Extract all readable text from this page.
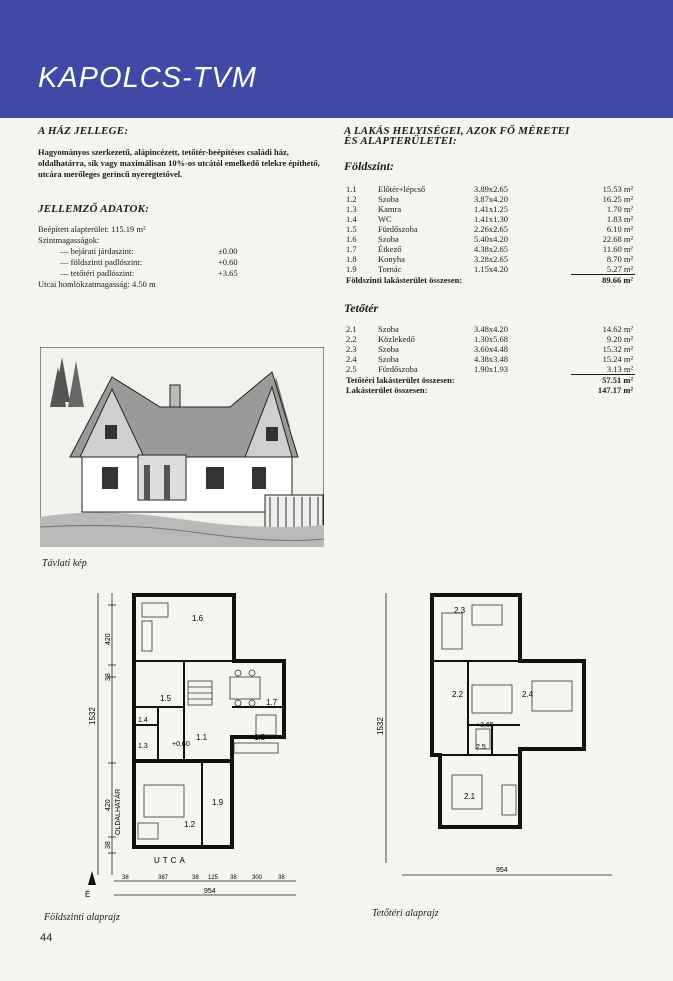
KAPOLCS-TVM
A HÁZ JELLEGE:

Hagyományos szerkezetű, alápincézett, tetőtér-beépítéses családi ház, oldalhatárra, sík vagy maximálisan 10%-os utcától emelkedő telekre építhető, utcára merőleges gerincű nyeregtetővel.

JELLEMZŐ ADATOK:

Beépített alapterület: 115.19 m²

Szintmagasságok:

— bejárati járdaszint:	±0.00
— földszinti padlószint:	+0.60
— tetőtéri padlószint:	+3.65

Utcai homlokzatmagasság: 4.50 m

A LAKÁS HELYISÉGEI, AZOK FŐ MÉRETEI
ÉS ALAPTERÜLETEI:
Földszint:
1.1	Előtér+lépcső	3.89x2.65	15.53 m²
1.2	Szoba	3.87x4.20	16.25 m²
1.3	Kamra	1.41x1.25	1.70 m²
1.4	WC	1.41x1.30	1.83 m²
1.5	Fürdőszoba	2.26x2.65	6.10 m²
1.6	Szoba	5.40x4.20	22.68 m²
1.7	Étkező	4.38x2.65	11.60 m²
1.8	Konyha	3.28x2.65	8.70 m²
1.9	Tornác	1.15x4.20	5.27 m²
Földszinti lakásterület összesen:			89.66 m²
Tetőtér
2.1	Szoba	3.48x4.20	14.62 m²
2.2	Közlekedő	1.30x5.68	9.20 m²
2.3	Szoba	3.60x4.48	15.32 m²
2.4	Szoba	4.38x3.48	15.24 m²
2.5	Fürdőszoba	1.90x1.93	3.13 m²
Tetőtéri lakásterület összesen:			57.51 m²
Lakásterület összesen:			147.17 m²
Távlati kép
1532
420
38
420
38
1.6
1.5	1.7
1.3
1.4
1.1
+0,60
1.8
1.9
1.2
OLDALHATÁR
UTCA
É
38	387	38 125 38	300	38
954
Földszinti alaprajz
1532
2.3
2.2	2.4
2.5
2.1
+3,65
954
Tetőtéri alaprajz
44
